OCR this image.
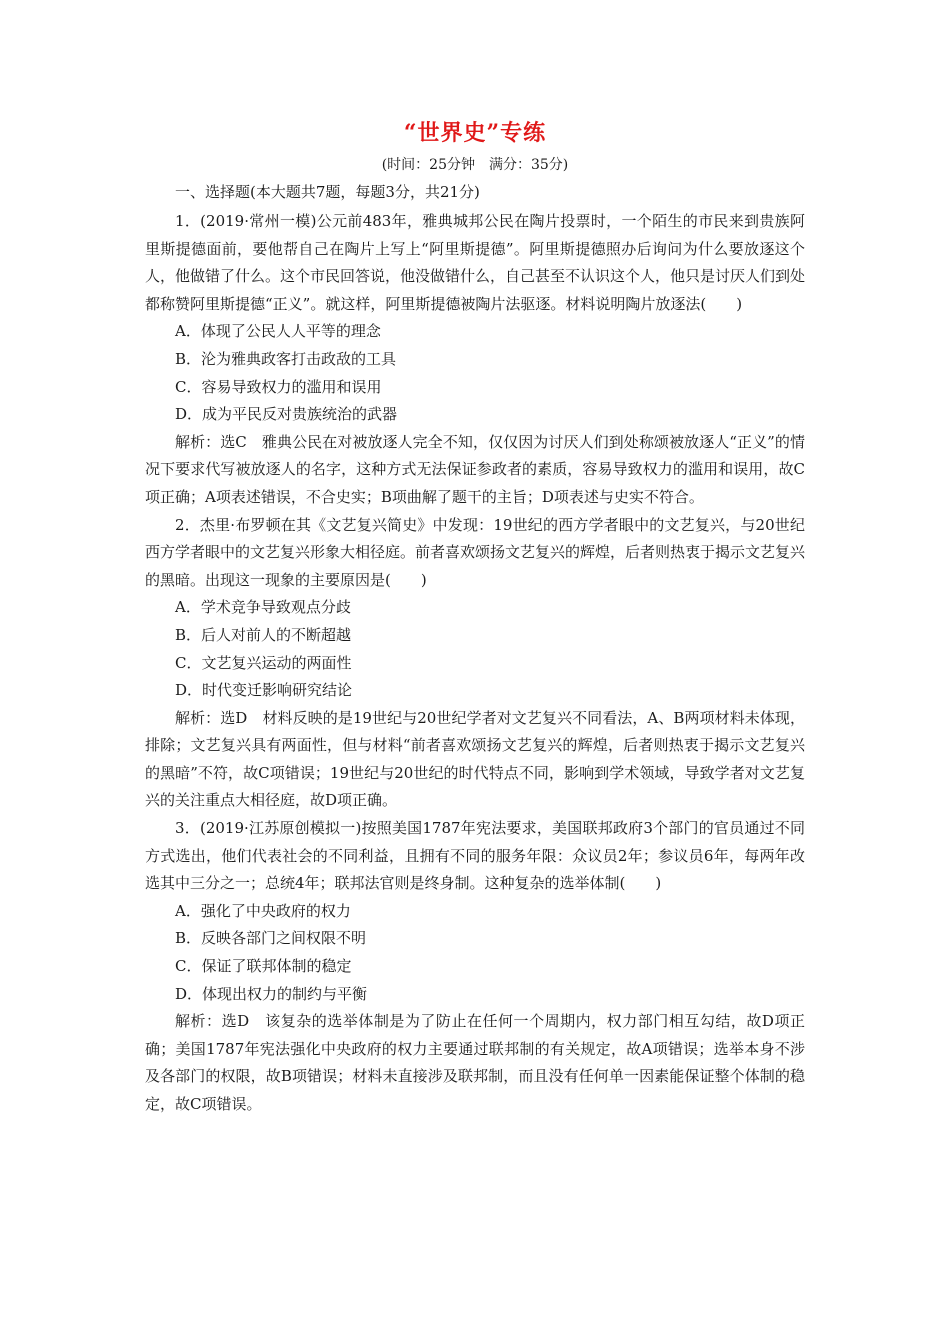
“世界史”专练
(时间：25分钟　满分：35分)
一、选择题(本大题共7题，每题3分，共21分)

1．(2019·常州一模)公元前483年，雅典城邦公民在陶片投票时，一个陌生的市民来到贵族阿里斯提德面前，要他帮自己在陶片上写上“阿里斯提德”。阿里斯提德照办后询问为什么要放逐这个人，他做错了什么。这个市民回答说，他没做错什么，自己甚至不认识这个人，他只是讨厌人们到处都称赞阿里斯提德“正义”。就这样，阿里斯提德被陶片法驱逐。材料说明陶片放逐法(　　)

A．体现了公民人人平等的理念

B．沦为雅典政客打击政敌的工具

C．容易导致权力的滥用和误用

D．成为平民反对贵族统治的武器

解析：选C　雅典公民在对被放逐人完全不知，仅仅因为讨厌人们到处称颂被放逐人“正义”的情况下要求代写被放逐人的名字，这种方式无法保证参政者的素质，容易导致权力的滥用和误用，故C项正确；A项表述错误，不合史实；B项曲解了题干的主旨；D项表述与史实不符合。

2．杰里·布罗顿在其《文艺复兴简史》中发现：19世纪的西方学者眼中的文艺复兴，与20世纪西方学者眼中的文艺复兴形象大相径庭。前者喜欢颂扬文艺复兴的辉煌，后者则热衷于揭示文艺复兴的黑暗。出现这一现象的主要原因是(　　)

A．学术竞争导致观点分歧

B．后人对前人的不断超越

C．文艺复兴运动的两面性

D．时代变迁影响研究结论

解析：选D　材料反映的是19世纪与20世纪学者对文艺复兴不同看法，A、B两项材料未体现，排除；文艺复兴具有两面性，但与材料“前者喜欢颂扬文艺复兴的辉煌，后者则热衷于揭示文艺复兴的黑暗”不符，故C项错误；19世纪与20世纪的时代特点不同，影响到学术领域，导致学者对文艺复兴的关注重点大相径庭，故D项正确。

3．(2019·江苏原创模拟一)按照美国1787年宪法要求，美国联邦政府3个部门的官员通过不同方式选出，他们代表社会的不同利益，且拥有不同的服务年限：众议员2年；参议员6年，每两年改选其中三分之一；总统4年；联邦法官则是终身制。这种复杂的选举体制(　　)

A．强化了中央政府的权力

B．反映各部门之间权限不明

C．保证了联邦体制的稳定

D．体现出权力的制约与平衡

解析：选D　该复杂的选举体制是为了防止在任何一个周期内，权力部门相互勾结，故D项正确；美国1787年宪法强化中央政府的权力主要通过联邦制的有关规定，故A项错误；选举本身不涉及各部门的权限，故B项错误；材料未直接涉及联邦制，而且没有任何单一因素能保证整个体制的稳定，故C项错误。
